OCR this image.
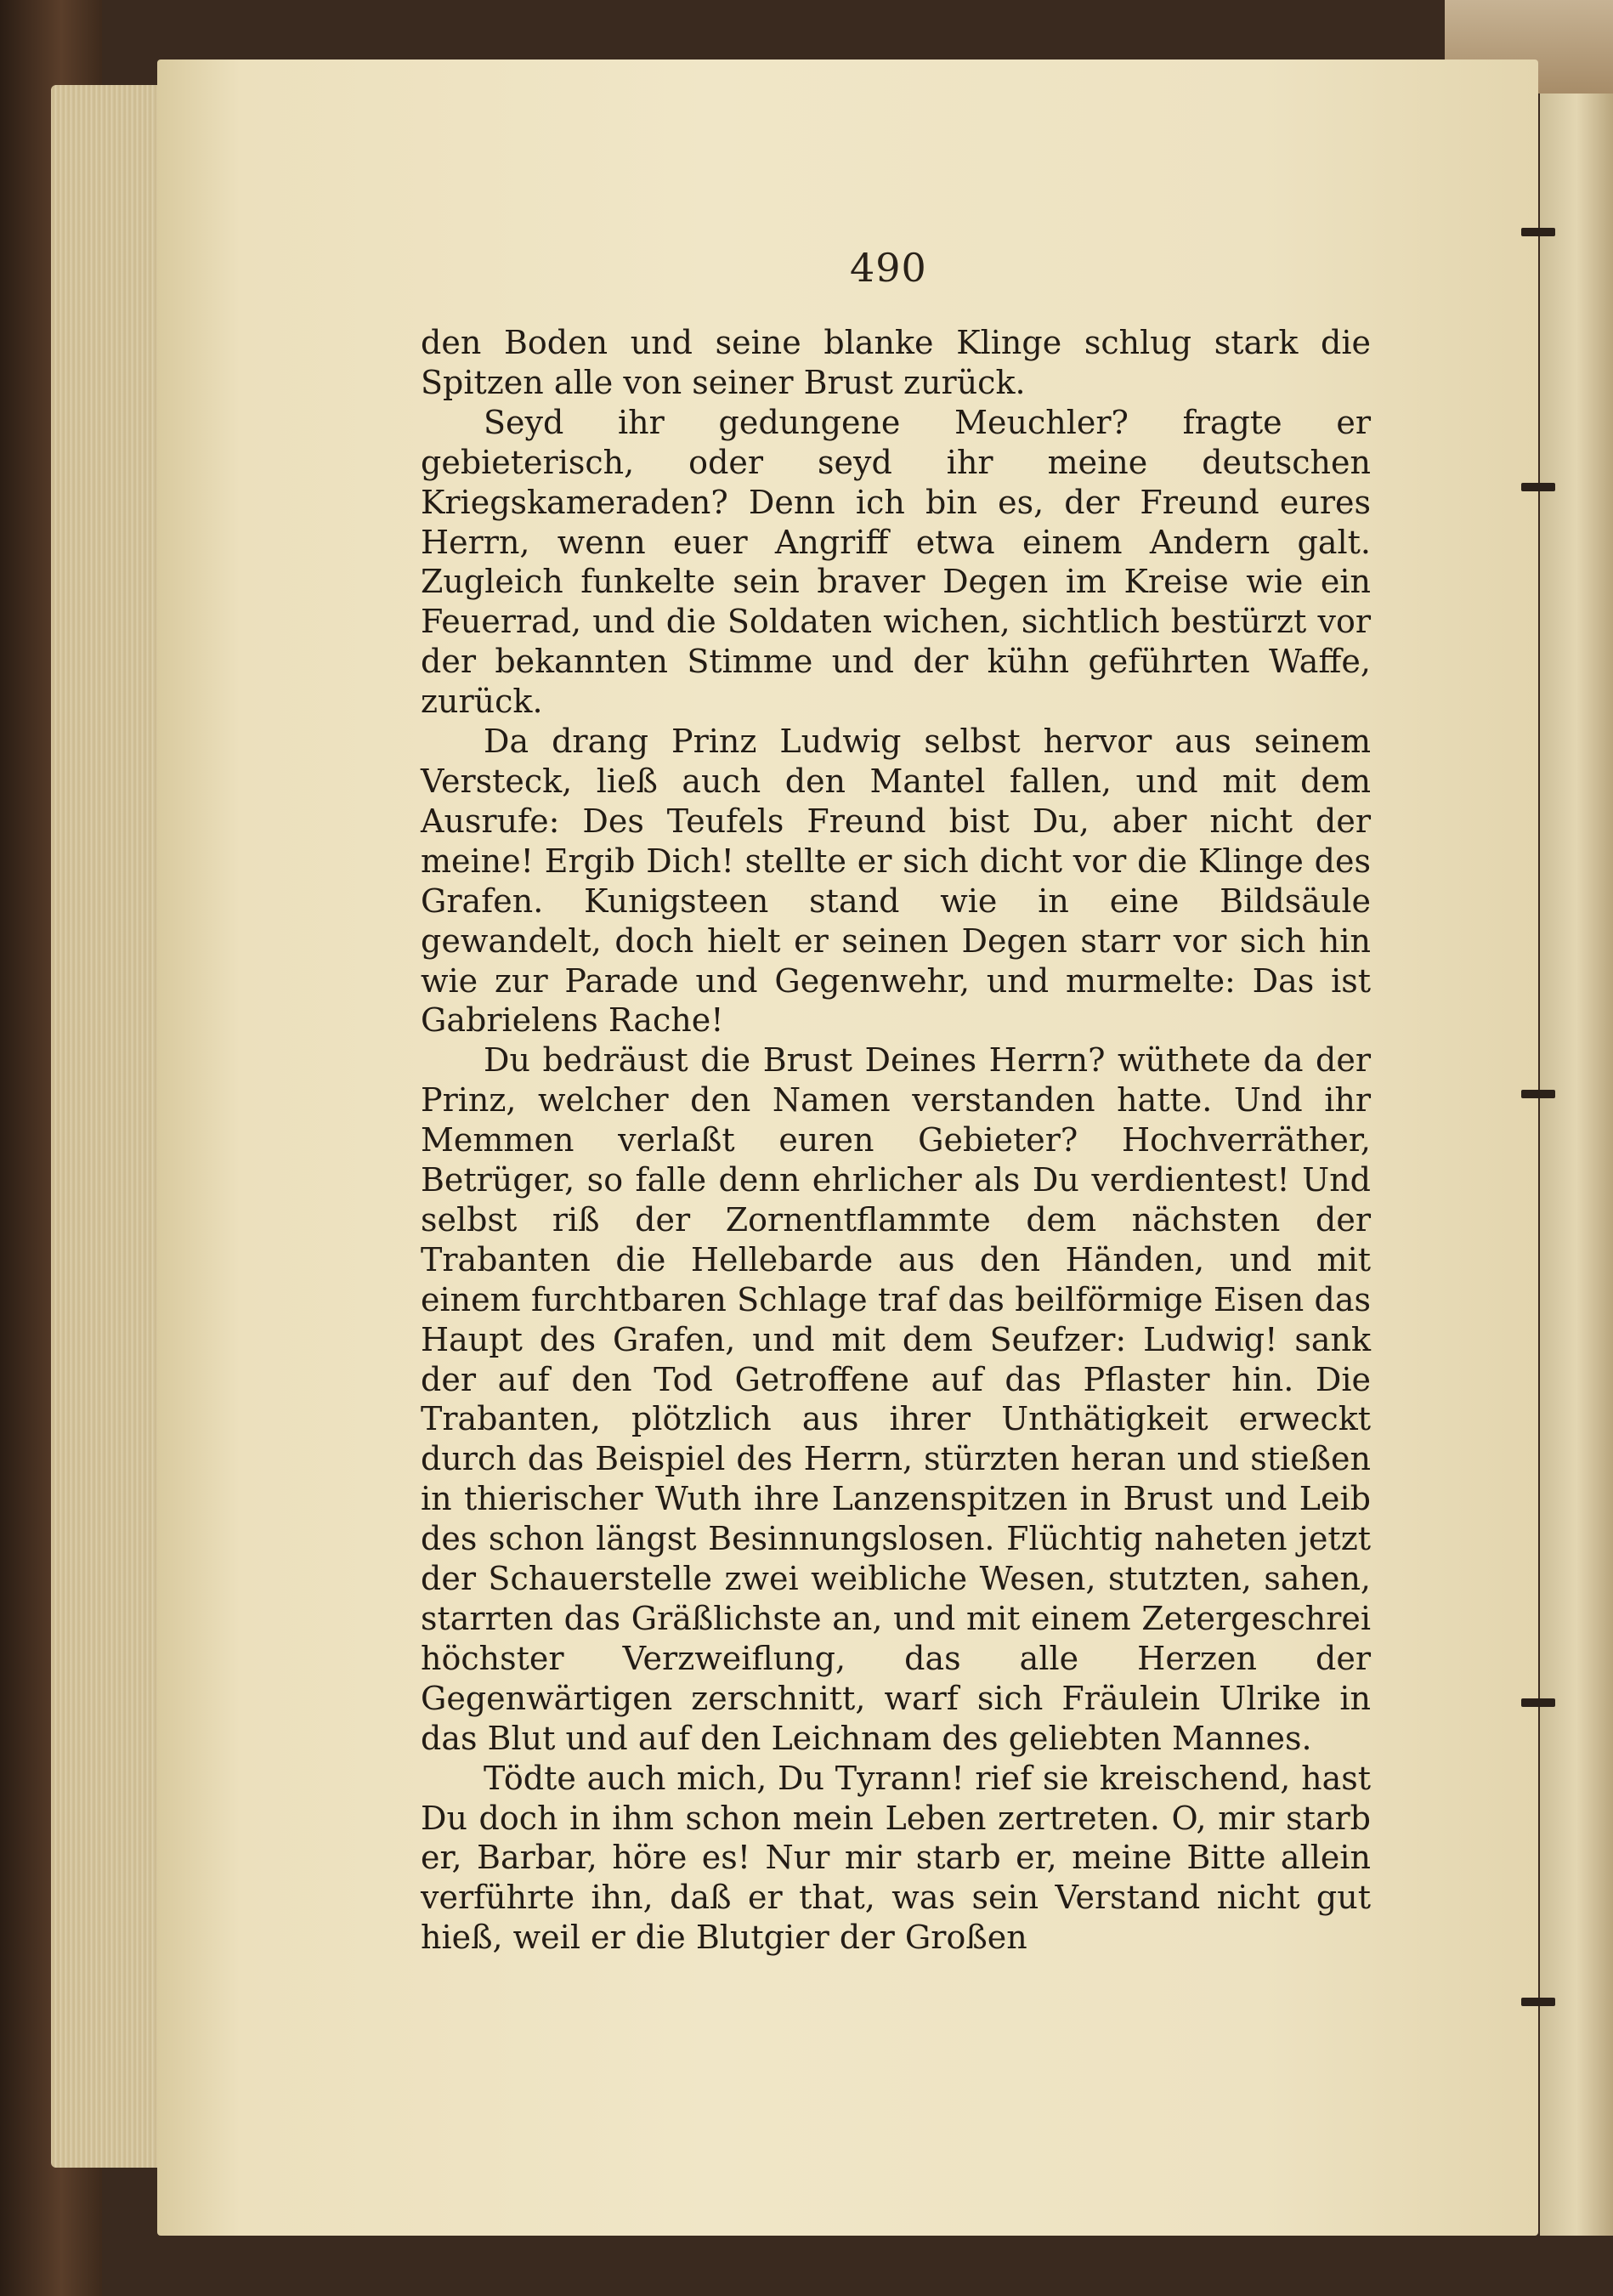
490

den Boden und seine blanke Klinge schlug stark die Spitzen alle von seiner Brust zurück.

Seyd ihr gedungene Meuchler? fragte er gebieterisch, oder seyd ihr meine deutschen Kriegskameraden? Denn ich bin es, der Freund eures Herrn, wenn euer Angriff etwa einem Andern galt. Zugleich funkelte sein braver Degen im Kreise wie ein Feuerrad, und die Soldaten wichen, sichtlich bestürzt vor der bekannten Stimme und der kühn geführten Waffe, zurück.

Da drang Prinz Ludwig selbst hervor aus seinem Versteck, ließ auch den Mantel fallen, und mit dem Ausrufe: Des Teufels Freund bist Du, aber nicht der meine! Ergib Dich! stellte er sich dicht vor die Klinge des Grafen. Kunigsteen stand wie in eine Bildsäule gewandelt, doch hielt er seinen Degen starr vor sich hin wie zur Parade und Gegenwehr, und murmelte: Das ist Gabrielens Rache!

Du bedräust die Brust Deines Herrn? wüthete da der Prinz, welcher den Namen verstanden hatte. Und ihr Memmen verlaßt euren Gebieter? Hochverräther, Betrüger, so falle denn ehrlicher als Du verdientest! Und selbst riß der Zornentflammte dem nächsten der Trabanten die Hellebarde aus den Händen, und mit einem furchtbaren Schlage traf das beilförmige Eisen das Haupt des Grafen, und mit dem Seufzer: Ludwig! sank der auf den Tod Getroffene auf das Pflaster hin. Die Trabanten, plötzlich aus ihrer Unthätigkeit erweckt durch das Beispiel des Herrn, stürzten heran und stießen in thierischer Wuth ihre Lanzenspitzen in Brust und Leib des schon längst Besinnungslosen. Flüchtig naheten jetzt der Schauerstelle zwei weibliche Wesen, stutzten, sahen, starrten das Gräßlichste an, und mit einem Zetergeschrei höchster Verzweiflung, das alle Herzen der Gegenwärtigen zerschnitt, warf sich Fräulein Ulrike in das Blut und auf den Leichnam des geliebten Mannes.

Tödte auch mich, Du Tyrann! rief sie kreischend, hast Du doch in ihm schon mein Leben zertreten. O, mir starb er, Barbar, höre es! Nur mir starb er, meine Bitte allein verführte ihn, daß er that, was sein Verstand nicht gut hieß, weil er die Blutgier der Großen
